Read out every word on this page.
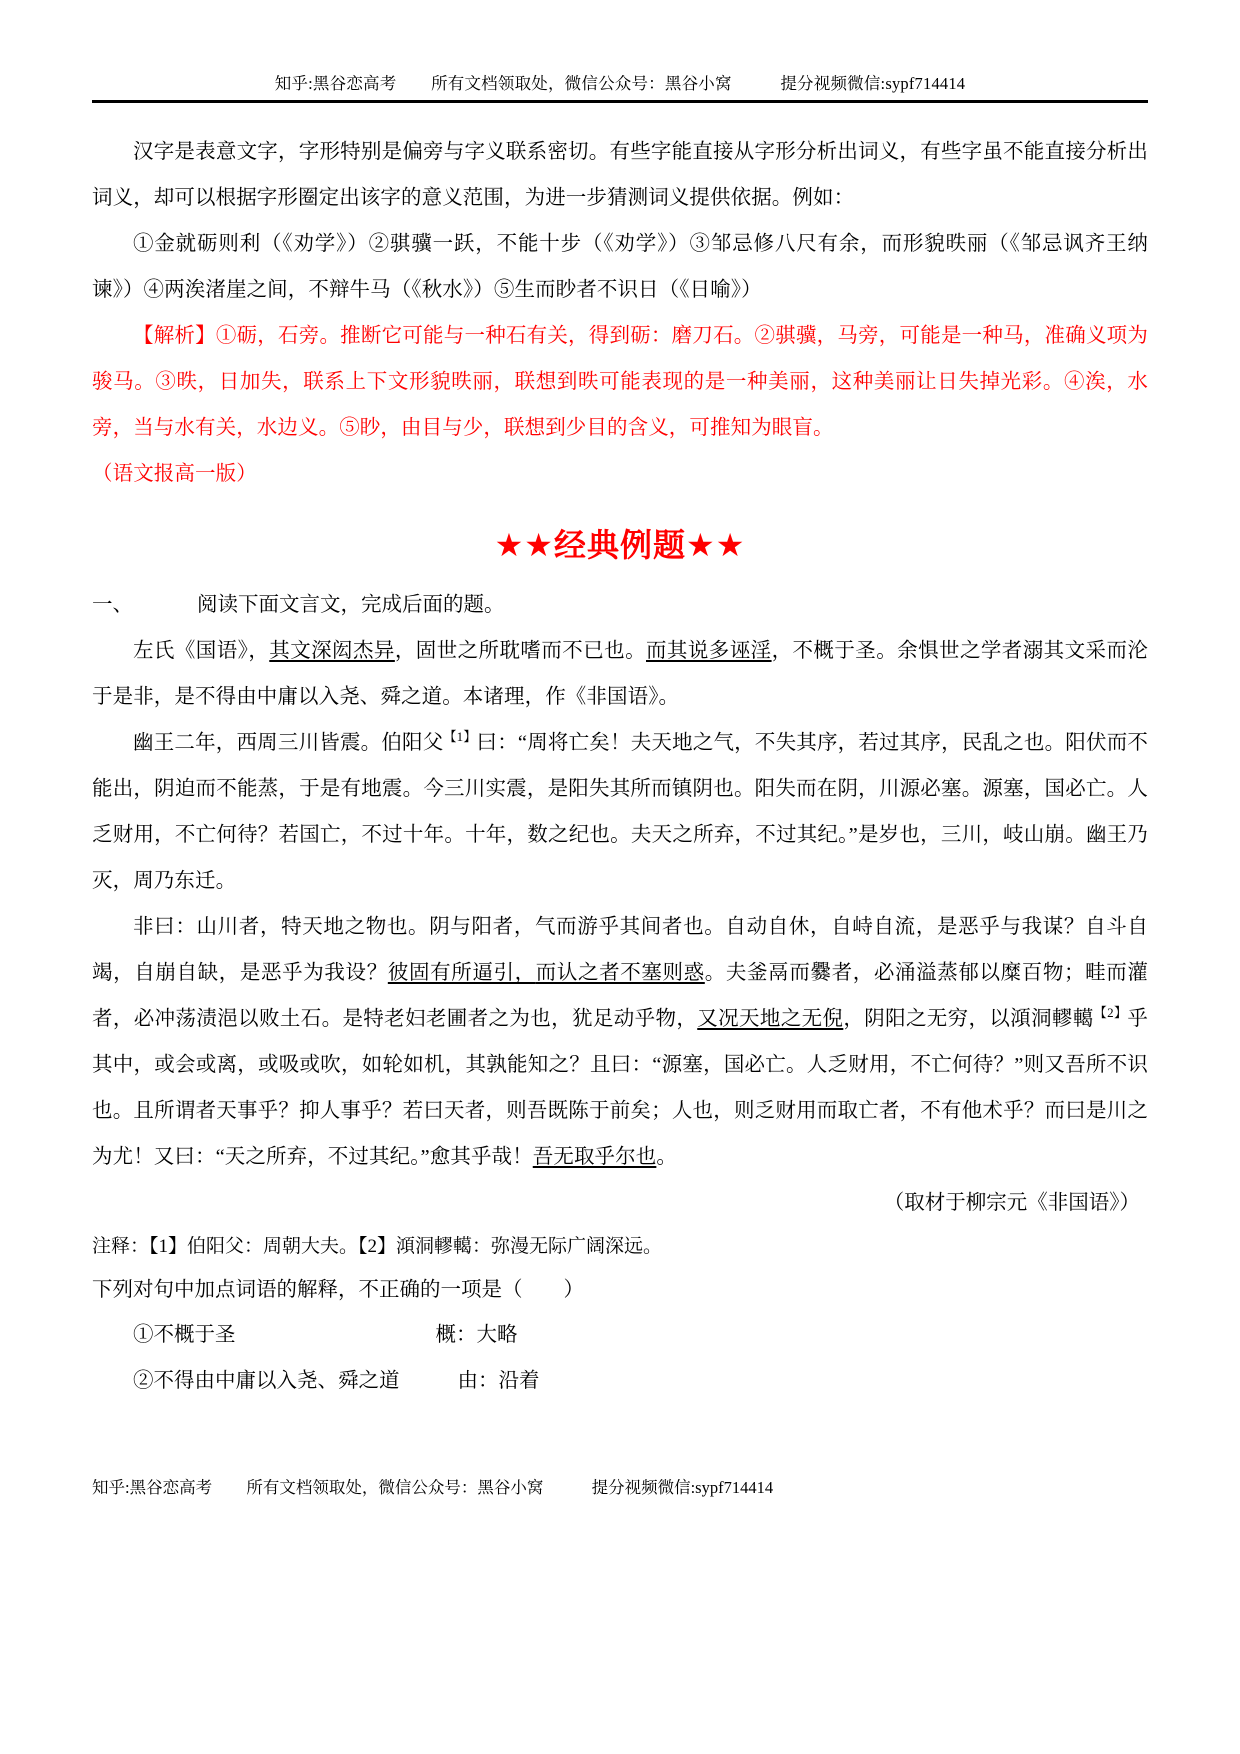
知乎:黑谷恋高考 所有文档领取处，微信公众号：黑谷小窝	提分视频微信:sypf714414

汉字是表意文字，字形特别是偏旁与字义联系密切。有些字能直接从字形分析出词义，有些字虽不能直接分析出词义，却可以根据字形圈定出该字的意义范围，为进一步猜测词义提供依据。例如：

①金就砺则利（《劝学》）②骐骥一跃，不能十步（《劝学》）③邹忌修八尺有余，而形貌昳丽（《邹忌讽齐王纳谏》）④两涘渚崖之间，不辩牛马（《秋水》）⑤生而眇者不识日（《日喻》）

【解析】①砺，石旁。推断它可能与一种石有关，得到砺：磨刀石。②骐骥，马旁，可能是一种马，准确义项为骏马。③昳，日加失，联系上下文形貌昳丽，联想到昳可能表现的是一种美丽，这种美丽让日失掉光彩。④涘，水旁，当与水有关，水边义。⑤眇，由目与少，联想到少目的含义，可推知为眼盲。

（语文报高一版）

★★经典例题★★

一、	阅读下面文言文，完成后面的题。

左氏《国语》，其文深闳杰异，固世之所耽嗜而不已也。而其说多诬淫，不概于圣。余惧世之学者溺其文采而沦于是非，是不得由中庸以入尧、舜之道。本诸理，作《非国语》。

幽王二年，西周三川皆震。伯阳父$^{【1】}$曰：“周将亡矣！夫天地之气，不失其序，若过其序，民乱之也。阳伏而不能出，阴迫而不能蒸，于是有地震。今三川实震，是阳失其所而镇阴也。阳失而在阴，川源必塞。源塞，国必亡。人乏财用，不亡何待？若国亡，不过十年。十年，数之纪也。夫天之所弃，不过其纪。”是岁也，三川，岐山崩。幽王乃灭，周乃东迁。

非曰：山川者，特天地之物也。阴与阳者，气而游乎其间者也。自动自休，自峙自流，是恶乎与我谋？自斗自竭，自崩自缺，是恶乎为我设？彼固有所逼引，而认之者不塞则惑。夫釜鬲而爨者，必涌溢蒸郁以糜百物；畦而灌者，必冲荡渍浥以败土石。是特老妇老圃者之为也，犹足动乎物，又况天地之无倪，阴阳之无穷，以澒洞轇轕$^{【2】}$乎其中，或会或离，或吸或吹，如轮如机，其孰能知之？且曰：“源塞，国必亡。人乏财用，不亡何待？”则又吾所不识也。且所谓者天事乎？抑人事乎？若曰天者，则吾既陈于前矣；人也，则乏财用而取亡者，不有他术乎？而曰是川之为尤！又曰：“天之所弃，不过其纪。”愈其乎哉！吾无取乎尔也。

（取材于柳宗元《非国语》）

注释：【1】伯阳父：周朝大夫。【2】澒洞轇轕：弥漫无际广阔深远。

下列对句中加点词语的解释，不正确的一项是（　　）

①不概于圣	概：大略

②不得由中庸以入尧、舜之道	由：沿着

知乎:黑谷恋高考 所有文档领取处，微信公众号：黑谷小窝	提分视频微信:sypf714414
